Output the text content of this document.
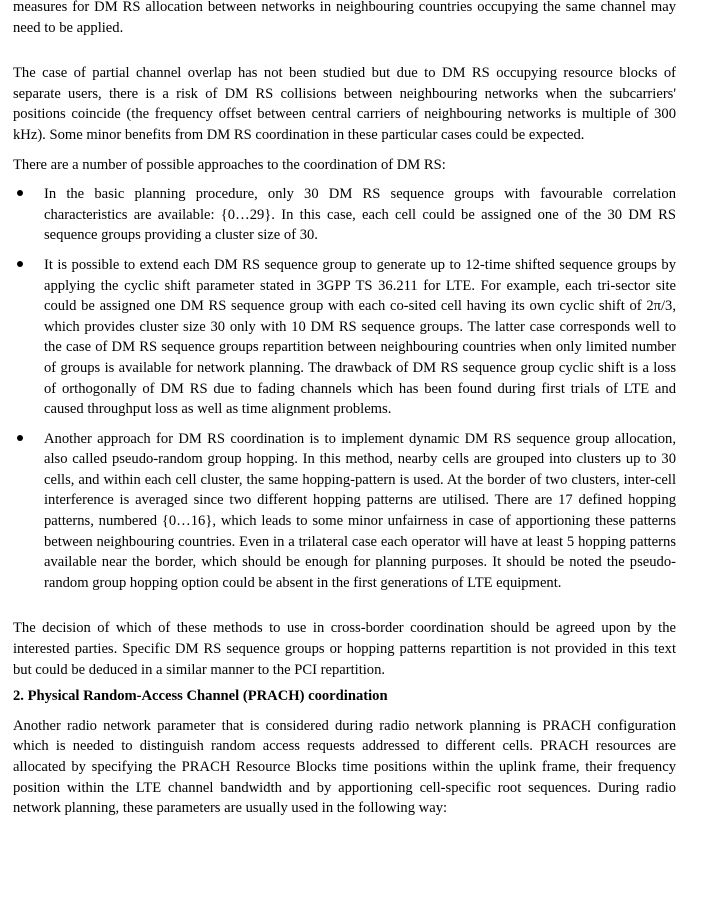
measures for DM RS allocation between networks in neighbouring countries occupying the same channel may need to be applied.

The case of partial channel overlap has not been studied but due to DM RS occupying resource blocks of separate users, there is a risk of DM RS collisions between neighbouring networks when the subcarriers' positions coincide (the frequency offset between central carriers of neighbouring networks is multiple of 300 kHz). Some minor benefits from DM RS coordination in these particular cases could be expected.

There are a number of possible approaches to the coordination of DM RS:

In the basic planning procedure, only 30 DM RS sequence groups with favourable correlation characteristics are available: {0…29}. In this case, each cell could be assigned one of the 30 DM RS sequence groups providing a cluster size of 30.
It is possible to extend each DM RS sequence group to generate up to 12-time shifted sequence groups by applying the cyclic shift parameter stated in 3GPP TS 36.211 for LTE. For example, each tri-sector site could be assigned one DM RS sequence group with each co-sited cell having its own cyclic shift of 2π/3, which provides cluster size 30 only with 10 DM RS sequence groups. The latter case corresponds well to the case of DM RS sequence groups repartition between neighbouring countries when only limited number of groups is available for network planning. The drawback of DM RS sequence group cyclic shift is a loss of orthogonally of DM RS due to fading channels which has been found during first trials of LTE and caused throughput loss as well as time alignment problems.
Another approach for DM RS coordination is to implement dynamic DM RS sequence group allocation, also called pseudo-random group hopping. In this method, nearby cells are grouped into clusters up to 30 cells, and within each cell cluster, the same hopping-pattern is used. At the border of two clusters, inter-cell interference is averaged since two different hopping patterns are utilised. There are 17 defined hopping patterns, numbered {0…16}, which leads to some minor unfairness in case of apportioning these patterns between neighbouring countries. Even in a trilateral case each operator will have at least 5 hopping patterns available near the border, which should be enough for planning purposes. It should be noted the pseudo-random group hopping option could be absent in the first generations of LTE equipment.

The decision of which of these methods to use in cross-border coordination should be agreed upon by the interested parties. Specific DM RS sequence groups or hopping patterns repartition is not provided in this text but could be deduced in a similar manner to the PCI repartition.

2. Physical Random-Access Channel (PRACH) coordination

Another radio network parameter that is considered during radio network planning is PRACH configuration which is needed to distinguish random access requests addressed to different cells. PRACH resources are allocated by specifying the PRACH Resource Blocks time positions within the uplink frame, their frequency position within the LTE channel bandwidth and by apportioning cell-specific root sequences. During radio network planning, these parameters are usually used in the following way:
